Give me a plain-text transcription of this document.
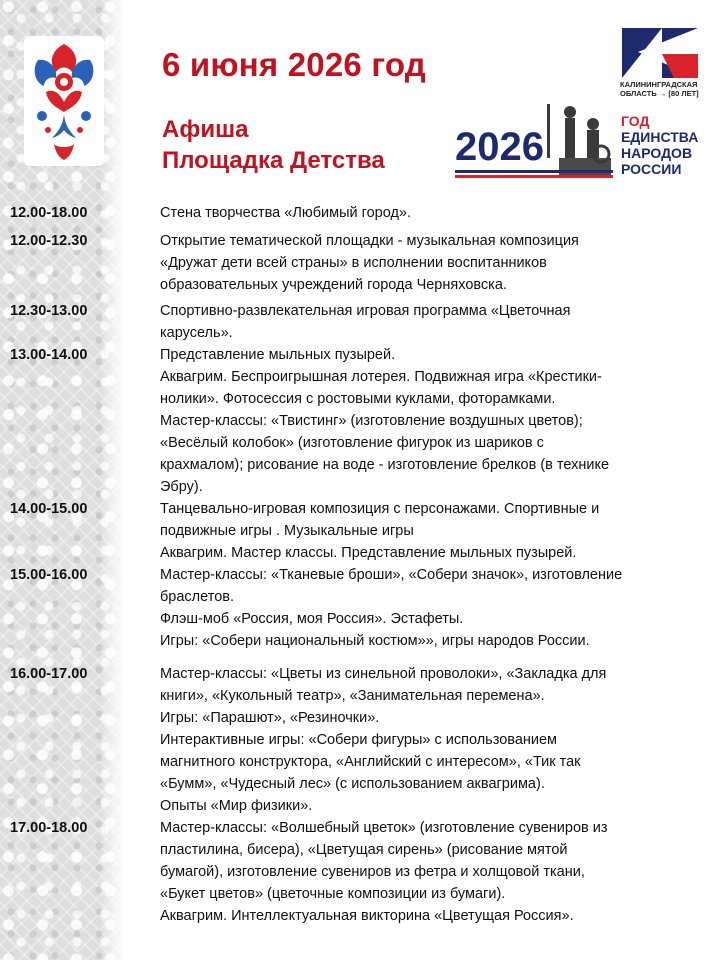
6 июня 2026 год
Афиша
Площадка Детства
КАЛИНИНГРАДСКАЯ
ОБЛАСТЬ → [80 ЛЕТ]
2026
ГОД
ЕДИНСТВА
НАРОДОВ
РОССИИ
12.00-18.00	Стена творчества «Любимый город».

12.00-12.30	Открытие тематической площадки - музыкальная композиция

«Дружат дети всей страны» в исполнении воспитанников

образовательных учреждений города Черняховска.

12.30-13.00	Спортивно-развлекательная игровая программа «Цветочная

карусель».

13.00-14.00	Представление мыльных пузырей.

Аквагрим. Беспроигрышная лотерея. Подвижная игра «Крестики-

нолики». Фотосессия с ростовыми куклами, фоторамками.

Мастер-классы: «Твистинг» (изготовление воздушных цветов);

«Весёлый колобок» (изготовление фигурок из шариков с

крахмалом); рисование на воде - изготовление брелков (в технике

Эбру).

14.00-15.00	Танцевально-игровая композиция с персонажами. Спортивные и

подвижные игры . Музыкальные игры

Аквагрим. Мастер классы. Представление мыльных пузырей.

15.00-16.00	Мастер-классы: «Тканевые броши», «Собери значок», изготовление

браслетов.

Флэш-моб «Россия, моя Россия». Эстафеты.

Игры: «Собери национальный костюм»», игры народов России.

16.00-17.00	Мастер-классы: «Цветы из синельной проволоки», «Закладка для

книги», «Кукольный театр», «Занимательная перемена».

Игры: «Парашют», «Резиночки».

Интерактивные игры: «Собери фигуры» с использованием

магнитного конструктора, «Английский с интересом», «Тик так

«Бумм», «Чудесный лес» (с использованием аквагрима).

Опыты «Мир физики».

17.00-18.00	Мастер-классы: «Волшебный цветок» (изготовление сувениров из

пластилина, бисера), «Цветущая сирень» (рисование мятой

бумагой), изготовление сувениров из фетра и холщовой ткани,

«Букет цветов» (цветочные композиции из бумаги).

Аквагрим. Интеллектуальная викторина «Цветущая Россия».
